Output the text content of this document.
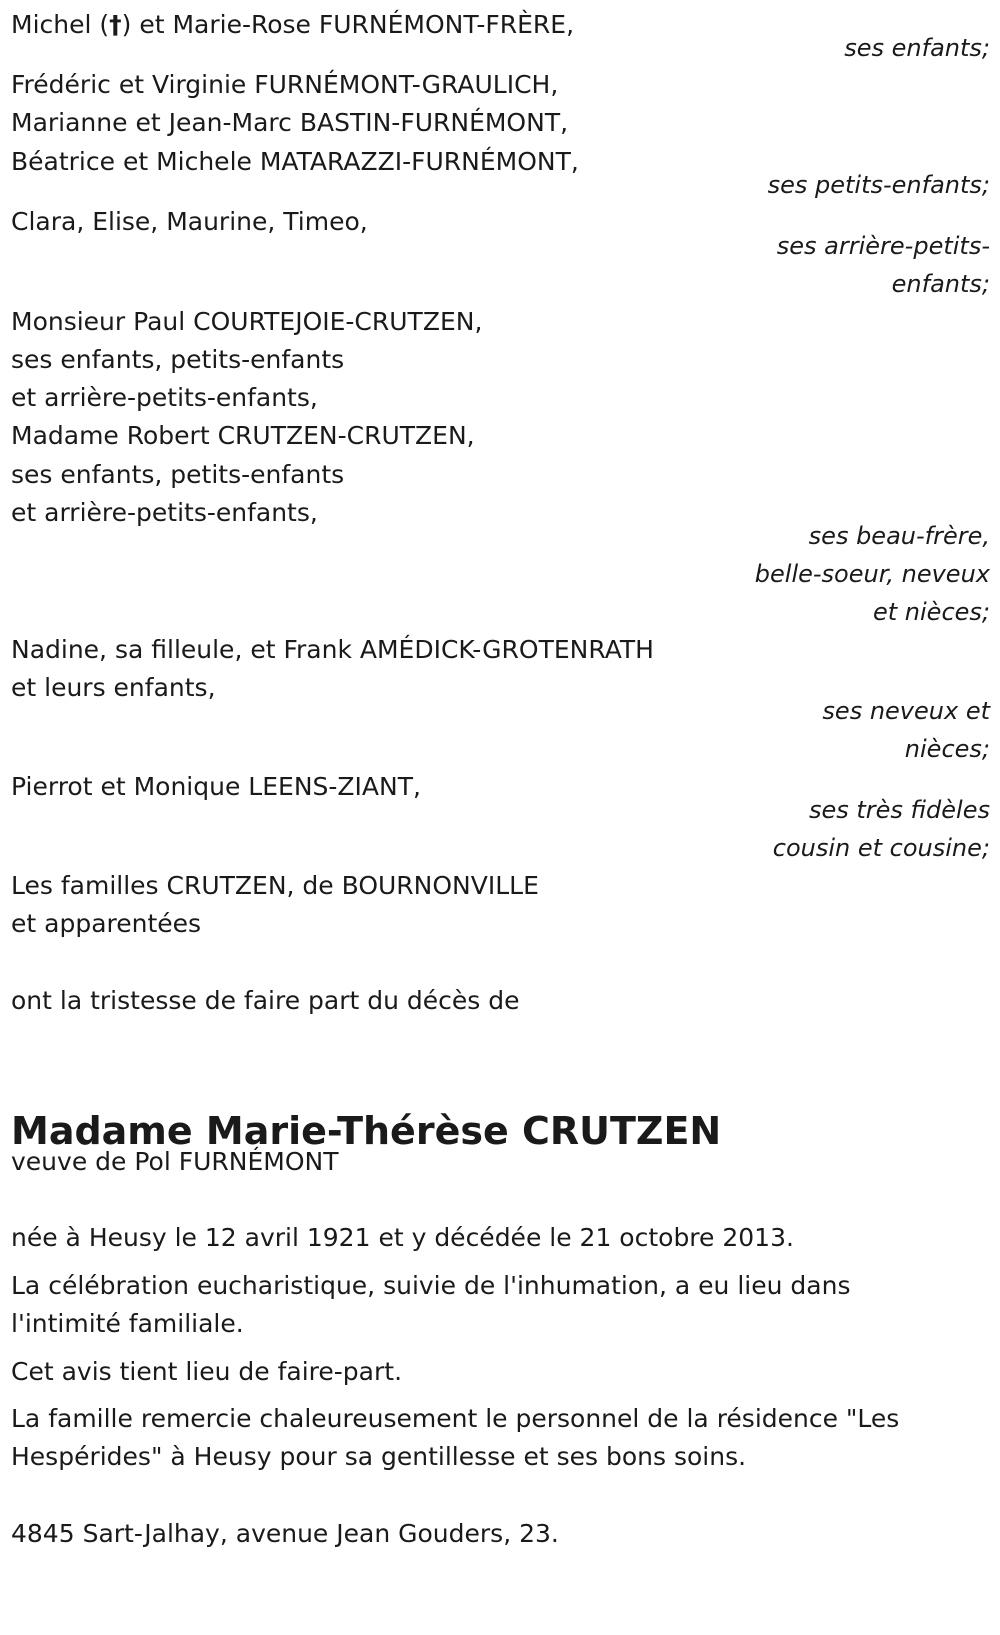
Michel (†) et Marie-Rose FURNÉMONT-FRÈRE,

ses enfants;

Frédéric et Virginie FURNÉMONT-GRAULICH,

Marianne et Jean-Marc BASTIN-FURNÉMONT,

Béatrice et Michele MATARAZZI-FURNÉMONT,

ses petits-enfants;

Clara, Elise, Maurine, Timeo,

ses arrière-petits-

enfants;

Monsieur Paul COURTEJOIE-CRUTZEN,

ses enfants, petits-enfants

et arrière-petits-enfants,

Madame Robert CRUTZEN-CRUTZEN,

ses enfants, petits-enfants

et arrière-petits-enfants,

ses beau-frère,

belle-soeur, neveux

et nièces;

Nadine, sa filleule, et Frank AMÉDICK-GROTENRATH

et leurs enfants,

ses neveux et

nièces;

Pierrot et Monique LEENS-ZIANT,

ses très fidèles

cousin et cousine;

Les familles CRUTZEN, de BOURNONVILLE

et apparentées

ont la tristesse de faire part du décès de

Madame Marie-Thérèse CRUTZEN

veuve de Pol FURNÉMONT

née à Heusy le 12 avril 1921 et y décédée le 21 octobre 2013.

La célébration eucharistique, suivie de l'inhumation, a eu lieu dans

l'intimité familiale.

Cet avis tient lieu de faire-part.

La famille remercie chaleureusement le personnel de la résidence "Les

Hespérides" à Heusy pour sa gentillesse et ses bons soins.

4845 Sart-Jalhay, avenue Jean Gouders, 23.
